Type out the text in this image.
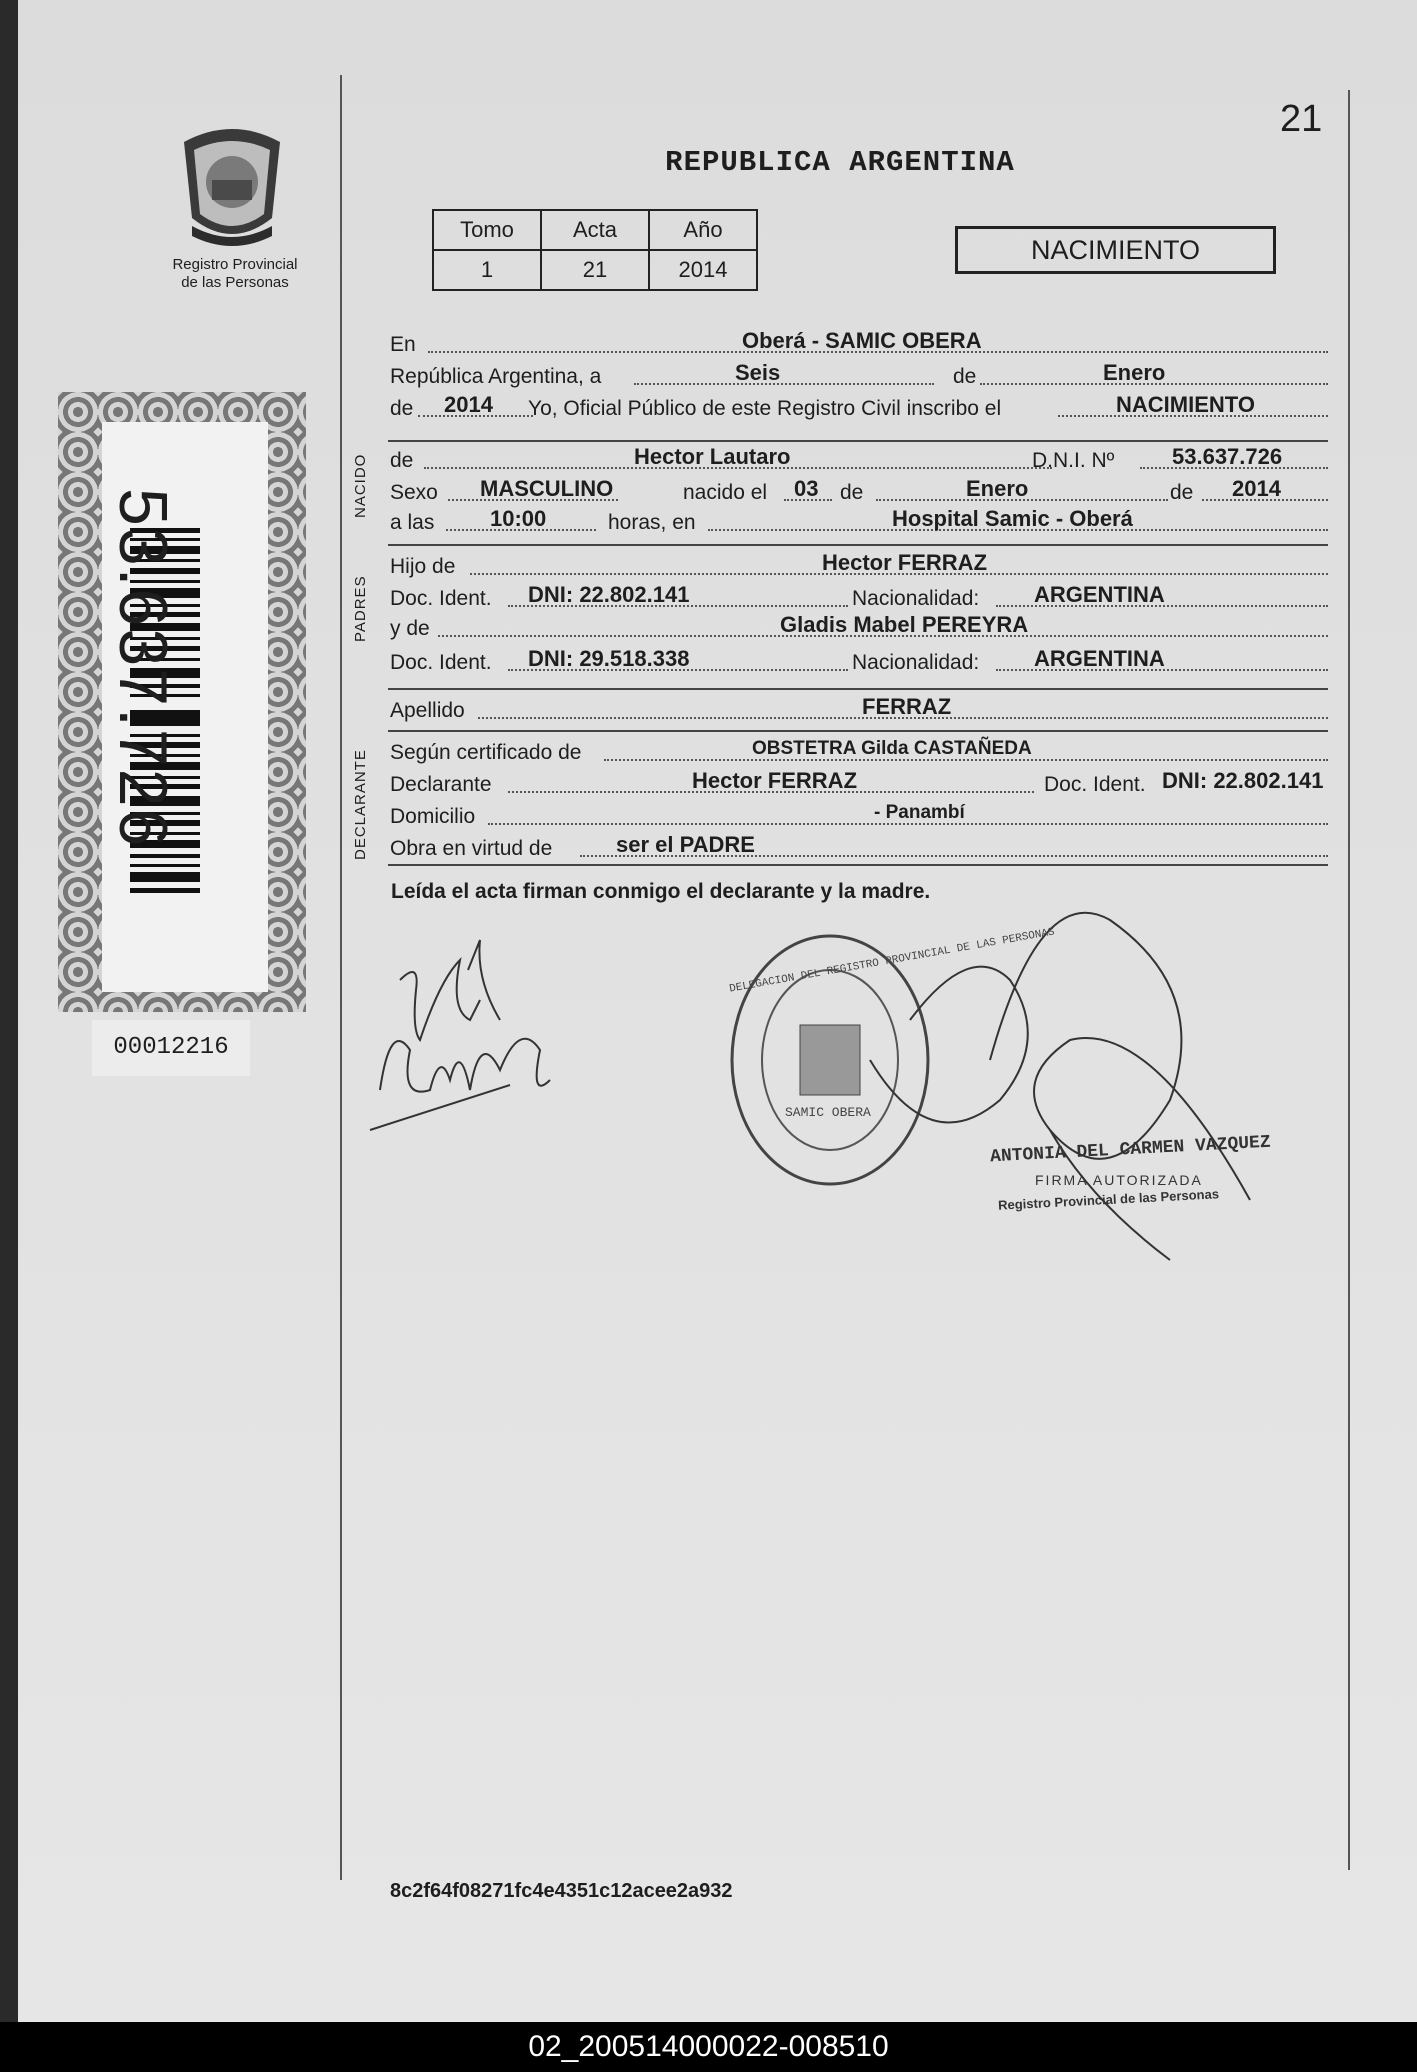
21
Registro Provincial
de las Personas
REPUBLICA ARGENTINA
Tomo	Acta	Año
1	21	2014
NACIMIENTO
53.637.726
00012216
En	Oberá - SAMIC OBERA
República Argentina, a	Seis	de	Enero
de 2014 Yo, Oficial Público de este Registro Civil inscribo el	NACIMIENTO
NACIDO de	Hector Lautaro	D.N.I. Nº	53.637.726
Sexo MASCULINO	nacido el 03 de	Enero	de 2014
a las	10:00	horas, en	Hospital Samic - Oberá
PADRES
Hijo de	Hector FERRAZ
Doc. Ident. DNI: 22.802.141	Nacionalidad: ARGENTINA
y de	Gladis Mabel PEREYRA
Doc. Ident. DNI: 29.518.338	Nacionalidad: ARGENTINA
Apellido	FERRAZ
DECLARANTE Según certificado de	OBSTETRA Gilda CASTAÑEDA
Declarante	Hector FERRAZ	Doc. Ident. DNI: 22.802.141
Domicilio	- Panambí
Obra en virtud de	ser el PADRE
Leída el acta firman conmigo el declarante y la madre.
DELEGACION DEL REGISTRO PROVINCIAL DE LAS PERSONAS
SAMIC OBERA
ANTONIA DEL CARMEN VAZQUEZ
FIRMA AUTORIZADA
Registro Provincial de las Personas
8c2f64f08271fc4e4351c12acee2a932
02_200514000022-008510
